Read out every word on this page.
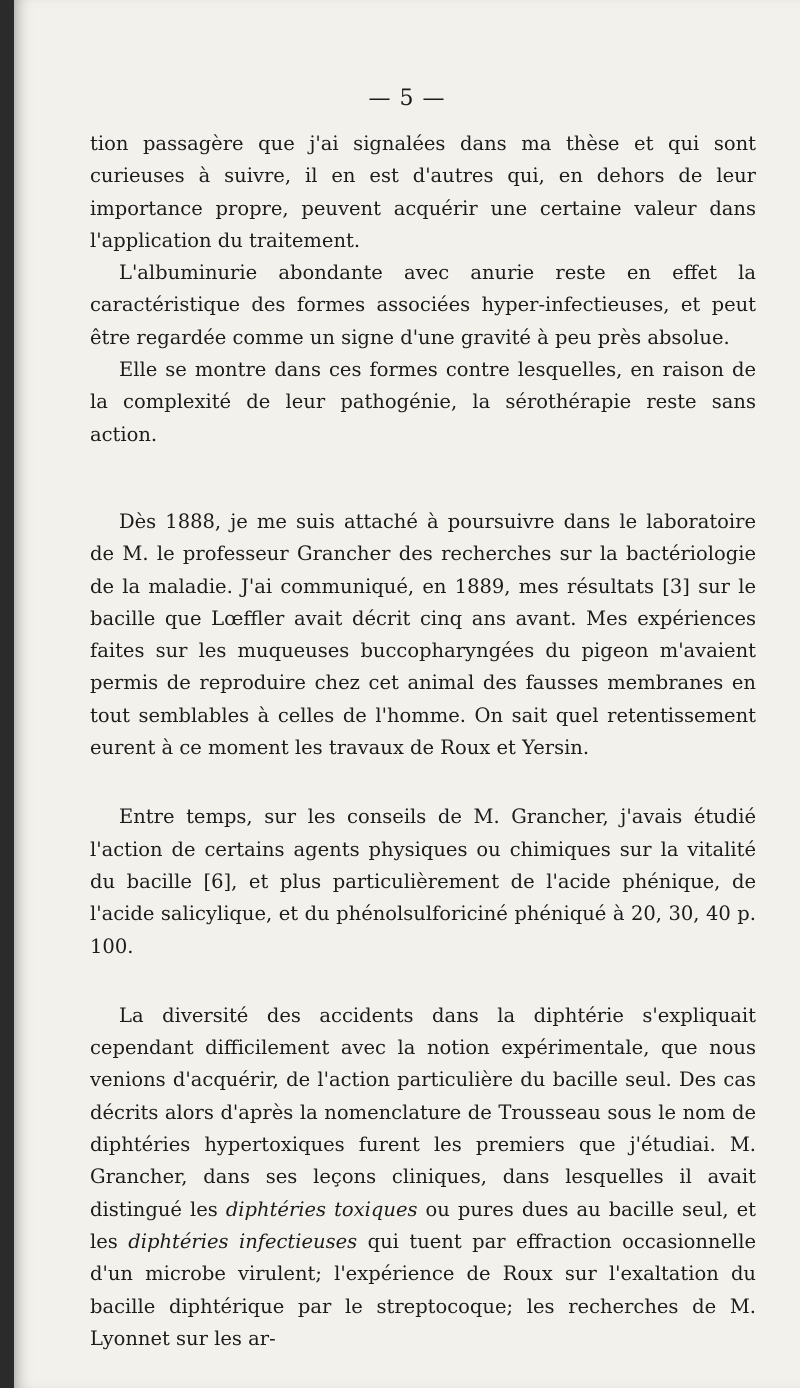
— 5 —

tion passagère que j'ai signalées dans ma thèse et qui sont curieuses à suivre, il en est d'autres qui, en dehors de leur importance propre, peuvent acquérir une certaine valeur dans l'application du traitement.

L'albuminurie abondante avec anurie reste en effet la caractéristique des formes associées hyper-infectieuses, et peut être regardée comme un signe d'une gravité à peu près absolue.

Elle se montre dans ces formes contre lesquelles, en raison de la complexité de leur pathogénie, la sérothérapie reste sans action.

Dès 1888, je me suis attaché à poursuivre dans le laboratoire de M. le professeur Grancher des recherches sur la bactériologie de la maladie. J'ai communiqué, en 1889, mes résultats [3] sur le bacille que Lœffler avait décrit cinq ans avant. Mes expériences faites sur les muqueuses buccopharyngées du pigeon m'avaient permis de reproduire chez cet animal des fausses membranes en tout semblables à celles de l'homme. On sait quel retentissement eurent à ce moment les travaux de Roux et Yersin.

Entre temps, sur les conseils de M. Grancher, j'avais étudié l'action de certains agents physiques ou chimiques sur la vitalité du bacille [6], et plus particulièrement de l'acide phénique, de l'acide salicylique, et du phénolsulforiciné phéniqué à 20, 30, 40 p. 100.

La diversité des accidents dans la diphtérie s'expliquait cependant difficilement avec la notion expérimentale, que nous venions d'acquérir, de l'action particulière du bacille seul. Des cas décrits alors d'après la nomenclature de Trousseau sous le nom de diphtéries hypertoxiques furent les premiers que j'étudiai. M. Grancher, dans ses leçons cliniques, dans lesquelles il avait distingué les diphtéries toxiques ou pures dues au bacille seul, et les diphtéries infectieuses qui tuent par effraction occasionnelle d'un microbe virulent; l'expérience de Roux sur l'exaltation du bacille diphtérique par le streptocoque; les recherches de M. Lyonnet sur les ar-
